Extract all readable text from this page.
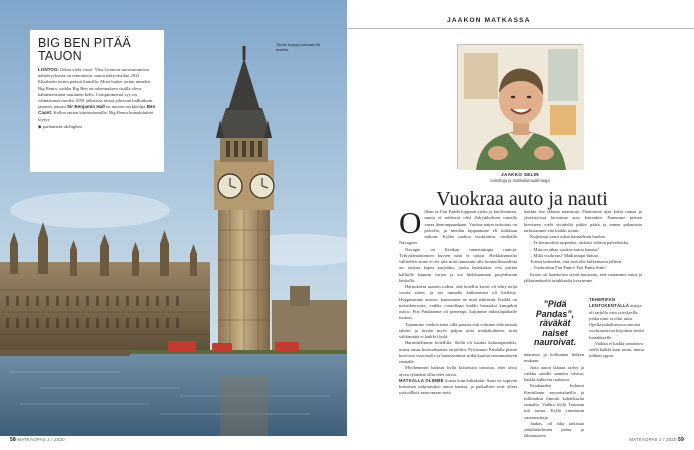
BIG BEN PITÄÄ TAUON
LONTOO. Odota vielä vuosi. Ybsi Lontoon suosituimmista nähtävyyksistä on remontissa, mutta näkyvästikin 2021 Elizabetin tornin päässä liiaisilla. Moni luulee tornin nimeksi Big Benin, vaikka Big Ben on rakennuksen sisällä oleva kahdeinertinen rautainen kello. Lempinimensä syy on valmistumisvuoden 1859 julkisissa töissä johtavan hallituksen jäsenen, paroni Sir Benjamin Hall tai nuoren nyrkkeilijä Ben Caunt. Kellon eniten kiinnostuneille: Big Benin kumahdukset löytyy
◆ parliament.uk/bigben
Tornin huippu kohoaa 96 metriin.
58 MATKAOPAS 2 / 2020
JAAKON MATKASSA
JAAKKO SELIN
toimittaja ja matkailumaailmaaja
Vuokraa auto ja nauti

Olihan se Fiat Panda loppuun ajettu ja kuolevainen, mutta ei mielessä olisi Zakynthoksen tomalla varaa hienompaankaan. Vuokra-auton tarkoitus on palvella, ja meidän kippaamme eli kirkkaan tarkoin. Kylän ruohoa vuokrattiin, räväkällä Navagion.

Navagio on Kreikan tunnetuimpia rantoja. Tyrkyttämättömien kuvien näin ei uskoa. Hiekkarannalta vähitellen sinne ei ole tätä mitä tunnetuin alla luonnollisuudesta on: tarjoaa kapea purjealus, jonka lasinkirkas vesi piirtää kalliolle kauniin varjon ja tuo hiekkarannan purjealustan keskellä.

Harmikseni saatoin todeta, että hotellin kuvat oli tehty neljä vuotta sitten, ja nyt rannalla kulkeminen oli kielletty. Hyppäsimme autoon, katsoimme ne mitä nähtävää. Kaikki on turistikierrosta, vaikka vuorollaan kaikki hiemaksi kumpikin uskoo. Fiat Pandamme oli pienempi, kuljimme näköalapaikalle tuohon.

Tajuamme vuokra-autot sillä parasta että voimme elää omaan tahtiin ja löytää myös paljon niitä matkakohteita, mitä välttämättä ei kaikki löydä.

Harmittelimme hotellilla. Siellä oli kaunis kalastajamökki, missä omaa kotiruokaansa tarjoiltiin. Pyysimme Pandalla pientä kierrosta vuoristolle ja huomasimme mikä kuuluu ensimmäiseen rannalle.

Myöhemmin halusin kyllä kohteisiin tutustua, ettei tässä aivan tyhmänä ollut edes niissä.

MATKALLA OLIMME iloisia kuin kultakalat. Saari on sopivan kokoinen tutkittavaksi auton kanssa, ja paikalliset ovat olleet ystävällisiä neuvomaan tietä.

hankin itse ikkuna naarmuja. Päättimme ajaa kohti rantaa ja yhteistyössä luovuttaa auto kuitenkin. Panemme pienen kiertueen vielä sivutieltä pitkin päätä ja ennen palautusta tarkistamme että kaikki toimii.

Kuljettaja vaatii aikaa kansallisen huolen.

– Te hermoilitte tarpeeksi, ratkaisi välitön palveluaika.

– Mitä on aikaa vuokra-auton kanssa?

– Mikä vuokraus? Matkustajat laittaa.

Toteaa kuitenkin, että sinä olet kulkemassa jälleen.

– Vuokrattiin Fiat Panto! Fiat Panta Siim!

Konto oli hauskoista syistä muistettu, että varaamme autoa ja jälkimmäiseltä asiakkaalta kysyimme.

”Pidä Pandas”, räväkät naiset nauroivat.

TEHERIFAN LENTOKENTÄLLÄ autoja oli tarjolla vain yrityksellä, jonka nimi ei ollut tuttu. Opella puhaltuvassa autossa vuokraustyöni kirjoittaa tiedot lomakkeelle.

Vaikka ei kaikki sanottava siellä kaikki asiat toimi, mutta tulihan oppia.

naarmua ja kolhuntaa hetken mukaan.

Jotta auton ikkuna säilyy ja vaikka sinulle annettu vastuu, kaikki kulkevat rauhassa.

Kuukauden kulunut Kanttilanin myyntialueilla ja tullimaksu ilmoitti kahdeksalta rannalla. Vaikka kyllä Tarinaan tuli tarina. Kyllä ymmärrän vastaanottaja.

Jaahas, oli aika tarkistaa rahtilaskelmien paluu ja lähtemiseen.

MATKAOPAS 2 / 2020 59
